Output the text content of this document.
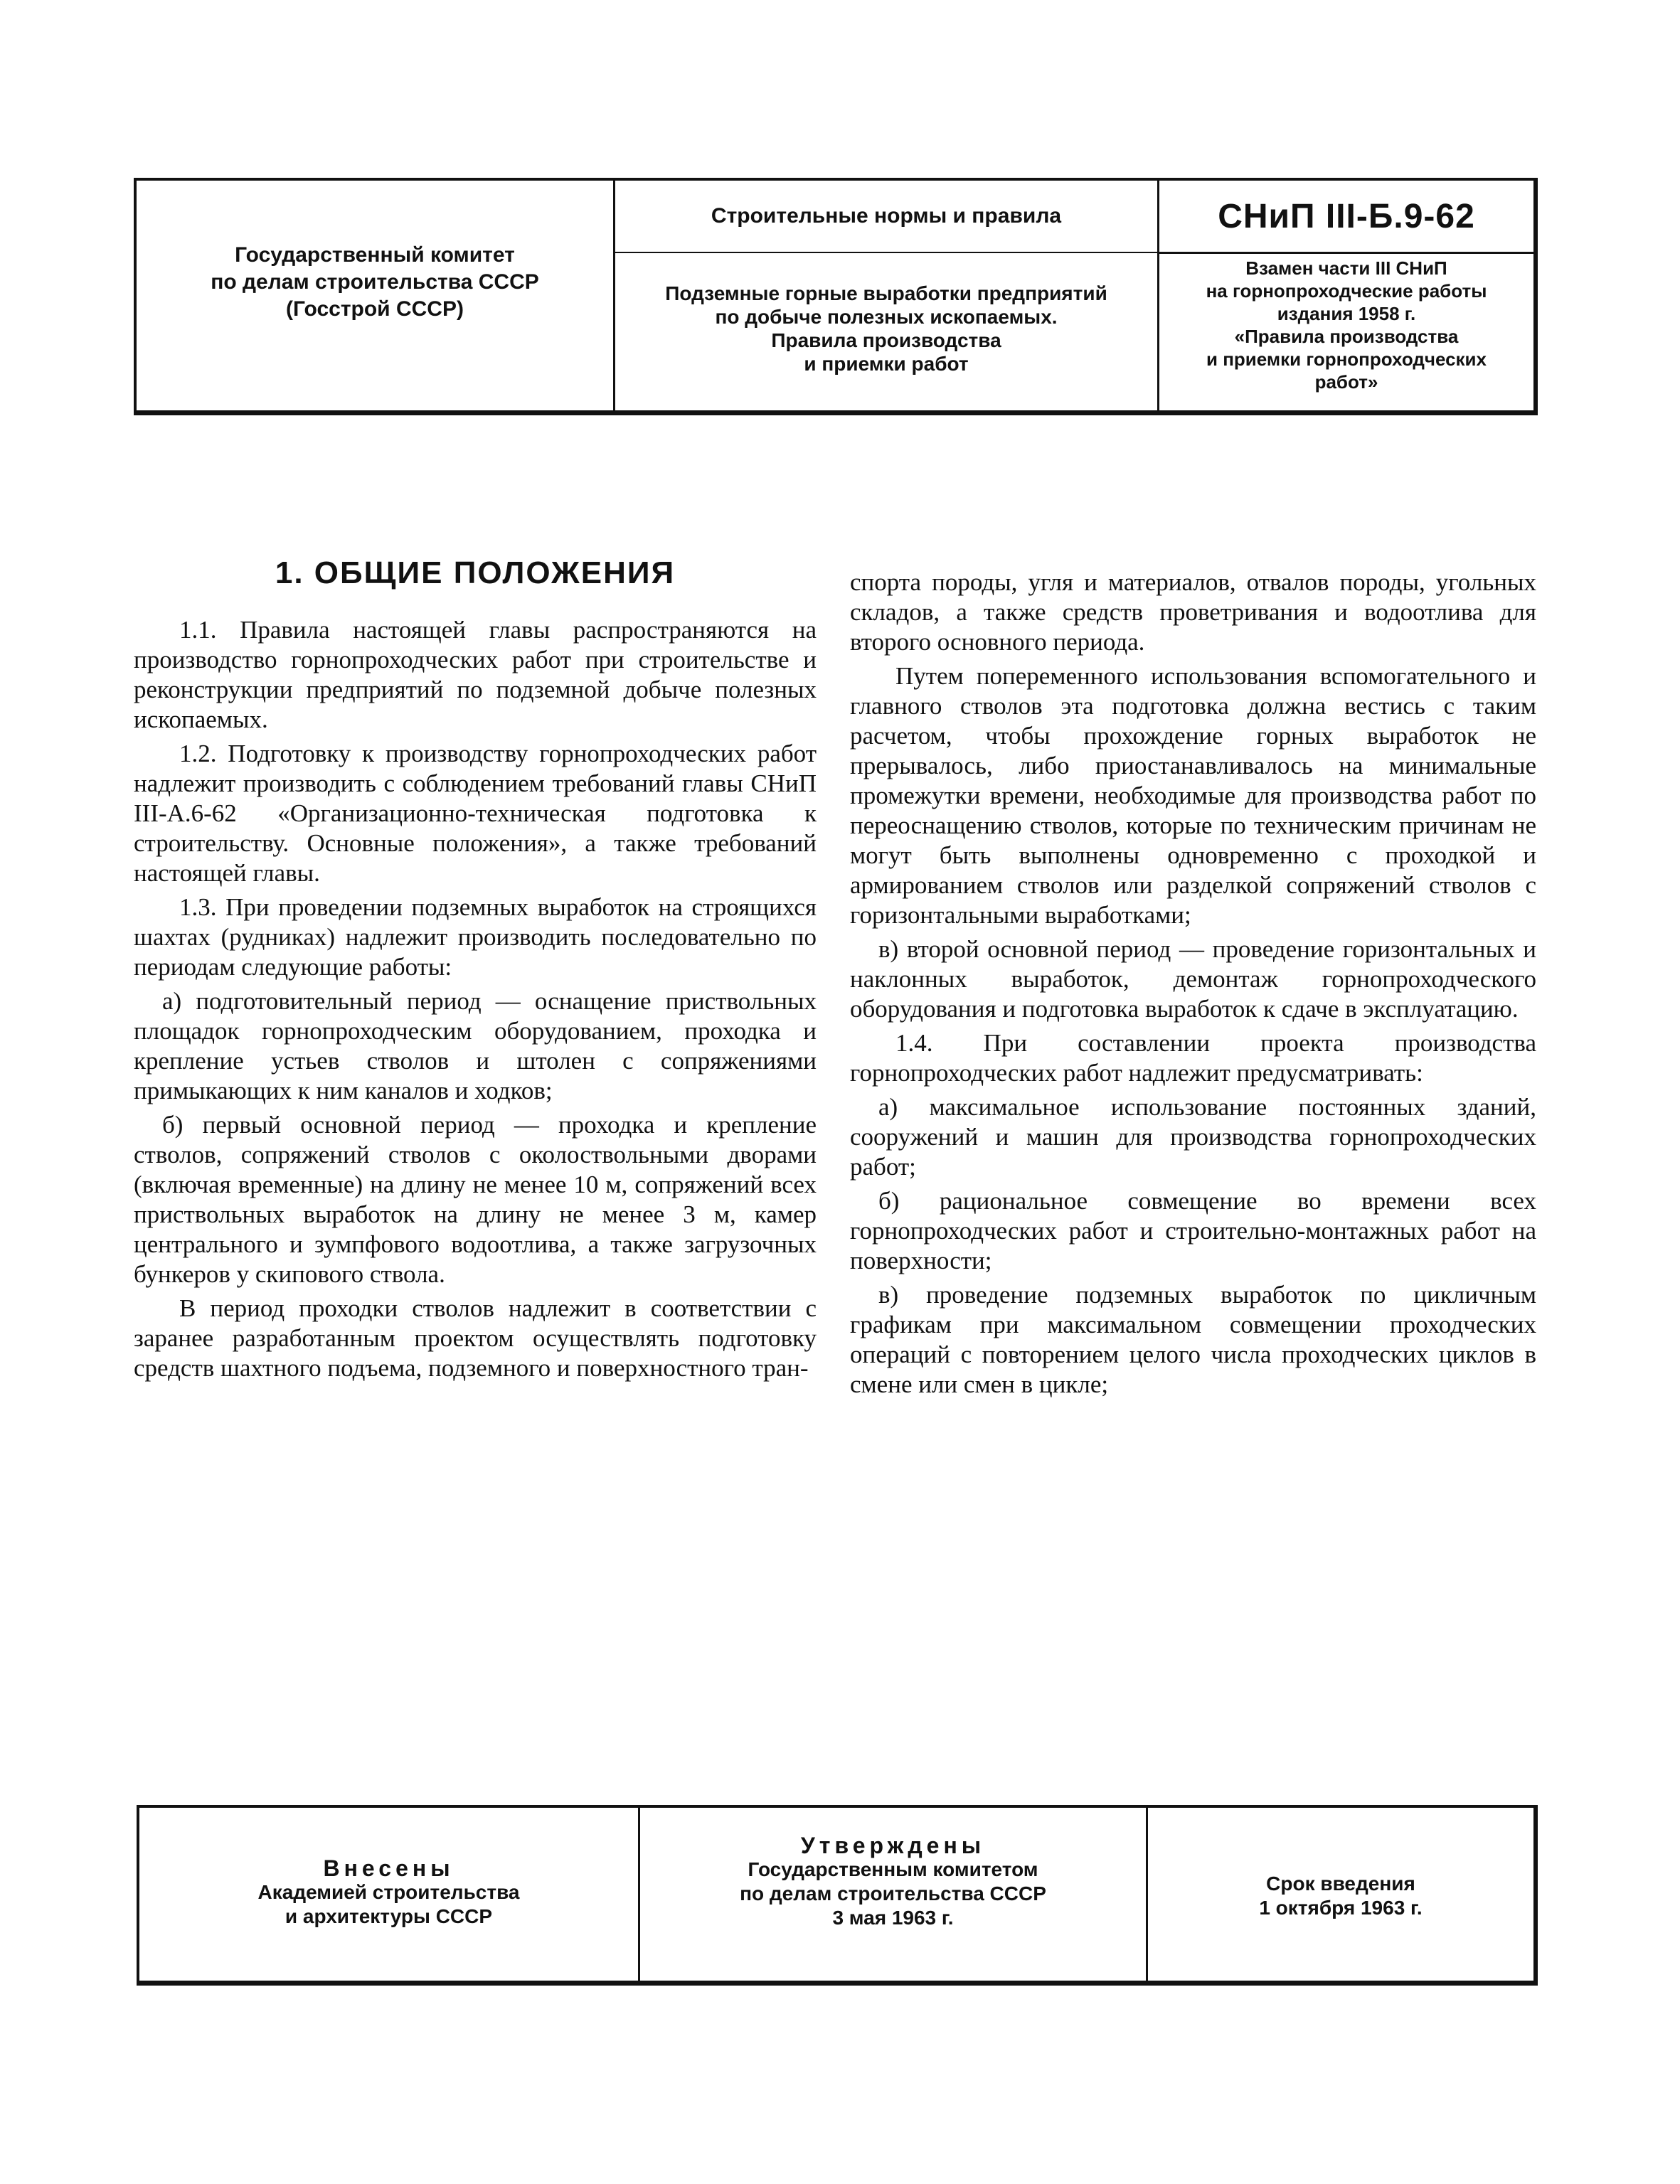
Государственный комитет
по делам строительства СССР
(Госстрой СССР)
Строительные нормы и правила
Подземные горные выработки предприятий
по добыче полезных ископаемых.
Правила производства
и приемки работ
СНиП III-Б.9-62
Взамен части III СНиП
на горнопроходческие работы
издания 1958 г.
«Правила производства
и приемки горнопроходческих
работ»
1. ОБЩИЕ ПОЛОЖЕНИЯ

1.1. Правила настоящей главы распространяются на производство горнопроходческих работ при строительстве и реконструкции предприятий по подземной добыче полезных ископаемых.

1.2. Подготовку к производству горнопроходческих работ надлежит производить с соблюдением требований главы СНиП III-А.6-62 «Организационно-техническая подготовка к строительству. Основные положения», а также требований настоящей главы.

1.3. При проведении подземных выработок на строящихся шахтах (рудниках) надлежит производить последовательно по периодам следующие работы:

а) подготовительный период — оснащение приствольных площадок горнопроходческим оборудованием, проходка и крепление устьев стволов и штолен с сопряжениями примыкающих к ним каналов и ходков;

б) первый основной период — проходка и крепление стволов, сопряжений стволов с околоствольными дворами (включая временные) на длину не менее 10 м, сопряжений всех приствольных выработок на длину не менее 3 м, камер центрального и зумпфового водоотлива, а также загрузочных бункеров у скипового ствола.

В период проходки стволов надлежит в соответствии с заранее разработанным проектом осуществлять подготовку средств шахтного подъема, подземного и поверхностного тран-

спорта породы, угля и материалов, отвалов породы, угольных складов, а также средств проветривания и водоотлива для второго основного периода.

Путем попеременного использования вспомогательного и главного стволов эта подготовка должна вестись с таким расчетом, чтобы прохождение горных выработок не прерывалось, либо приостанавливалось на минимальные промежутки времени, необходимые для производства работ по переоснащению стволов, которые по техническим причинам не могут быть выполнены одновременно с проходкой и армированием стволов или разделкой сопряжений стволов с горизонтальными выработками;

в) второй основной период — проведение горизонтальных и наклонных выработок, демонтаж горнопроходческого оборудования и подготовка выработок к сдаче в эксплуатацию.

1.4. При составлении проекта производства горнопроходческих работ надлежит предусматривать:

а) максимальное использование постоянных зданий, сооружений и машин для производства горнопроходческих работ;

б) рациональное совмещение во времени всех горнопроходческих работ и строительно-монтажных работ на поверхности;

в) проведение подземных выработок по цикличным графикам при максимальном совмещении проходческих операций с повторением целого числа проходческих циклов в смене или смен в цикле;

Внесены
Академией строительства
и архитектуры СССР
Утверждены
Государственным комитетом
по делам строительства СССР
3 мая 1963 г.
Срок введения
1 октября 1963 г.
